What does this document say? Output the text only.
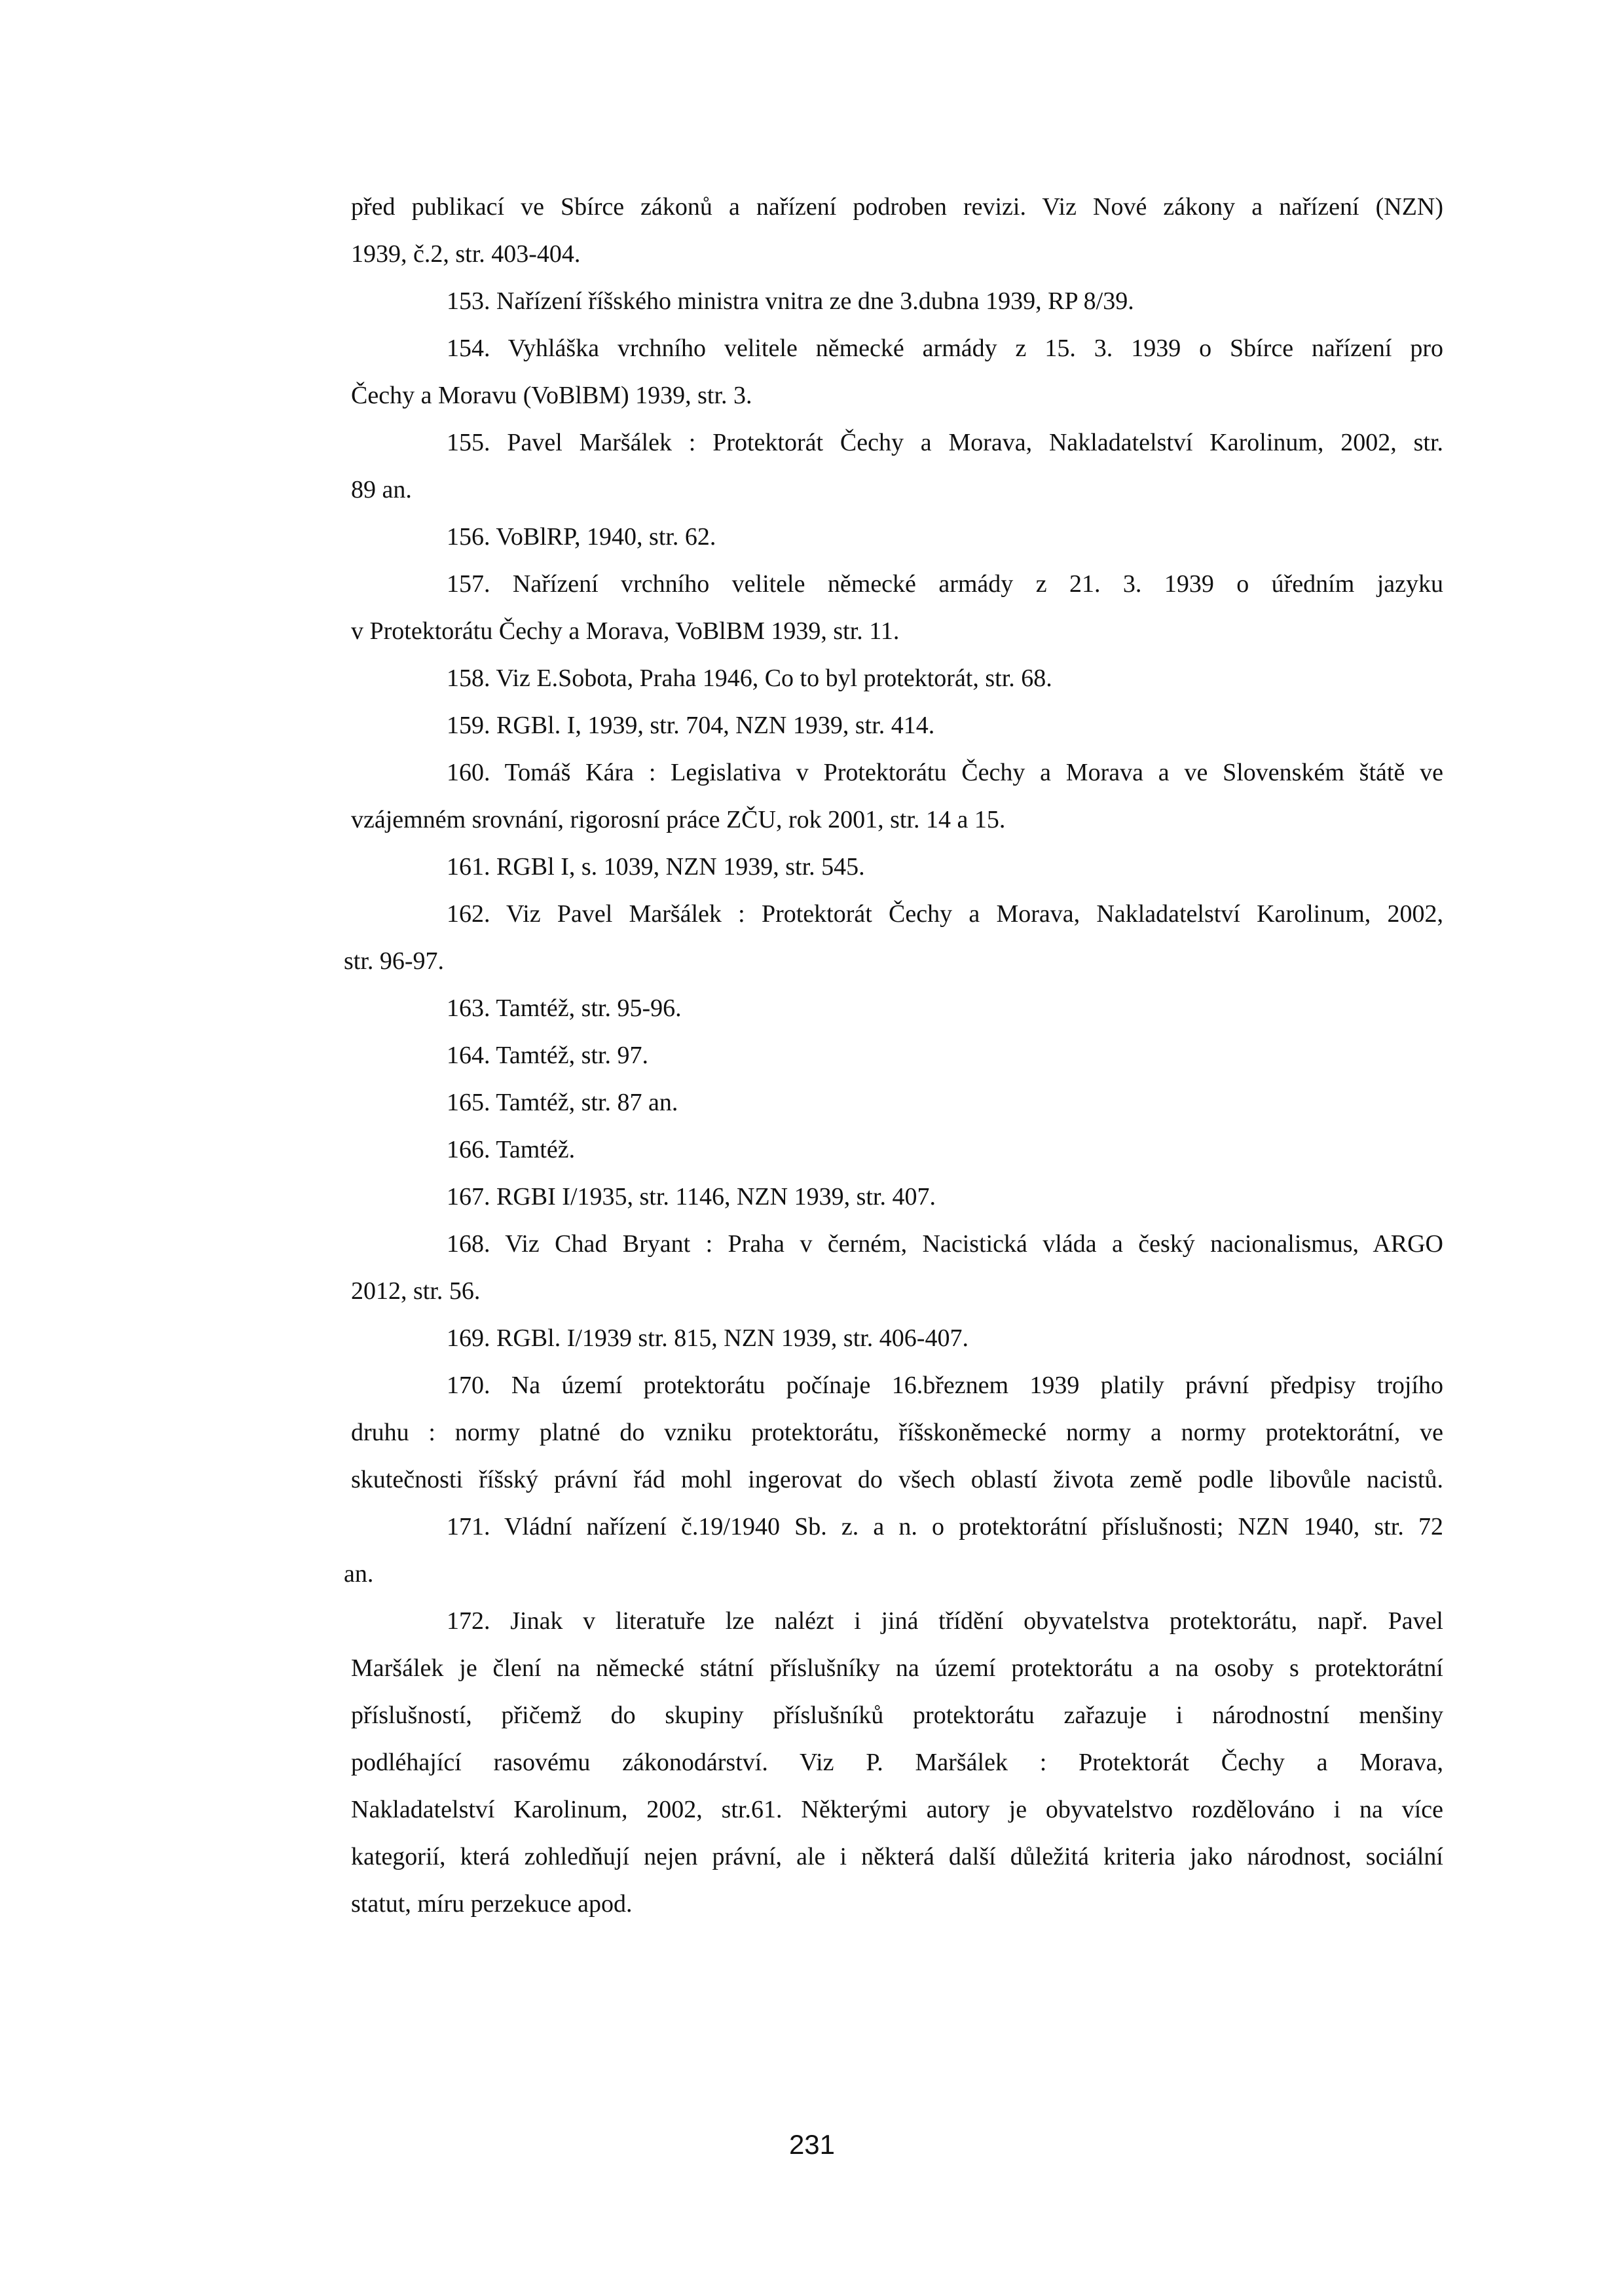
před publikací ve Sbírce zákonů a nařízení podroben revizi. Viz Nové zákony a nařízení (NZN)

1939, č.2, str. 403-404.

153. Nařízení říšského ministra vnitra ze dne 3.dubna 1939, RP 8/39.

154. Vyhláška vrchního velitele německé armády z 15. 3. 1939 o Sbírce nařízení pro

Čechy a Moravu (VoBlBM) 1939, str. 3.

155. Pavel Maršálek : Protektorát Čechy a Morava, Nakladatelství Karolinum, 2002, str.

89 an.

156. VoBlRP, 1940, str. 62.

157. Nařízení vrchního velitele německé armády z 21. 3. 1939 o úředním jazyku

v Protektorátu Čechy a Morava, VoBlBM 1939, str. 11.

158. Viz E.Sobota, Praha 1946, Co to byl protektorát, str. 68.

159. RGBl. I, 1939, str. 704, NZN 1939, str. 414.

160. Tomáš Kára : Legislativa v Protektorátu Čechy a Morava a ve Slovenském štátě ve

vzájemném srovnání, rigorosní práce ZČU, rok 2001, str. 14 a 15.

161. RGBl I, s. 1039, NZN 1939, str. 545.

162. Viz Pavel Maršálek : Protektorát Čechy a Morava, Nakladatelství Karolinum, 2002,

str. 96-97.

163. Tamtéž, str. 95-96.

164. Tamtéž, str. 97.

165. Tamtéž, str. 87 an.

166. Tamtéž.

167. RGBI I/1935, str. 1146, NZN 1939, str. 407.

168. Viz Chad Bryant : Praha v černém, Nacistická vláda a český nacionalismus, ARGO

2012, str. 56.

169. RGBl. I/1939 str. 815, NZN 1939, str. 406-407.

170. Na území protektorátu počínaje 16.březnem 1939 platily právní předpisy trojího

druhu : normy platné do vzniku protektorátu, říšskoněmecké normy a normy protektorátní, ve

skutečnosti říšský právní řád mohl ingerovat do všech oblastí života země podle libovůle nacistů.

171. Vládní nařízení č.19/1940 Sb. z. a n. o protektorátní příslušnosti; NZN 1940, str. 72

an.

172. Jinak v literatuře lze nalézt i jiná třídění obyvatelstva protektorátu, např. Pavel

Maršálek je člení na německé státní příslušníky na území protektorátu a na osoby s protektorátní

příslušností, přičemž do skupiny příslušníků protektorátu zařazuje i národnostní menšiny

podléhající rasovému zákonodárství. Viz P. Maršálek : Protektorát Čechy a Morava,

Nakladatelství Karolinum, 2002, str.61. Některými autory je obyvatelstvo rozdělováno i na více

kategorií, která zohledňují nejen právní, ale i některá další důležitá kriteria jako národnost, sociální

statut, míru perzekuce apod.

231
